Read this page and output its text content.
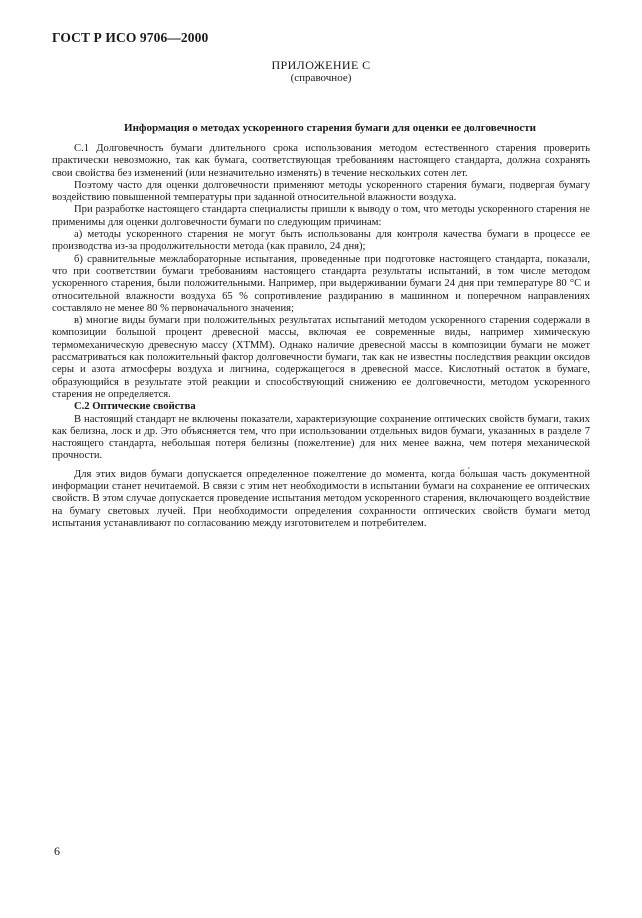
ГОСТ Р ИСО 9706—2000
ПРИЛОЖЕНИЕ С
(справочное)
Информация о методах ускоренного старения бумаги для оценки ее долговечности

С.1 Долговечность бумаги длительного срока использования методом естественного старения проверить практически невозможно, так как бумага, соответствующая требованиям настоящего стандарта, должна сохранять свои свойства без изменений (или незначительно изменять) в течение нескольких сотен лет.

Поэтому часто для оценки долговечности применяют методы ускоренного старения бумаги, подвергая бумагу воздействию повышенной температуры при заданной относительной влажности воздуха.

При разработке настоящего стандарта специалисты пришли к выводу о том, что методы ускоренного старения не применимы для оценки долговечности бумаги по следующим причинам:

а) методы ускоренного старения не могут быть использованы для контроля качества бумаги в процессе ее производства из-за продолжительности метода (как правило, 24 дня);

б) сравнительные межлабораторные испытания, проведенные при подготовке настоящего стандарта, показали, что при соответствии бумаги требованиям настоящего стандарта результаты испытаний, в том числе методом ускоренного старения, были положительными. Например, при выдерживании бумаги 24 дня при температуре 80 °С и относительной влажности воздуха 65 % сопротивление раздиранию в машинном и поперечном направлениях составляло не менее 80 % первоначального значения;

в) многие виды бумаги при положительных результатах испытаний методом ускоренного старения содержали в композиции большой процент древесной массы, включая ее современные виды, например химическую термомеханическую древесную массу (ХТММ). Однако наличие древесной массы в композиции бумаги не может рассматриваться как положительный фактор долговечности бумаги, так как не известны последствия реакции оксидов серы и азота атмосферы воздуха и лигнина, содержащегося в древесной массе. Кислотный остаток в бумаге, образующийся в результате этой реакции и способствующий снижению ее долговечности, методом ускоренного старения не определяется.

С.2 Оптические свойства

В настоящий стандарт не включены показатели, характеризующие сохранение оптических свойств бумаги, таких как белизна, лоск и др. Это объясняется тем, что при использовании отдельных видов бумаги, указанных в разделе 7 настоящего стандарта, небольшая потеря белизны (пожелтение) для них менее важна, чем потеря механической прочности.

Для этих видов бумаги допускается определенное пожелтение до момента, когда бо́льшая часть документной информации станет нечитаемой. В связи с этим нет необходимости в испытании бумаги на сохранение ее оптических свойств. В этом случае допускается проведение испытания методом ускоренного старения, включающего воздействие на бумагу световых лучей. При необходимости определения сохранности оптических свойств бумаги метод испытания устанавливают по согласованию между изготовителем и потребителем.

6
